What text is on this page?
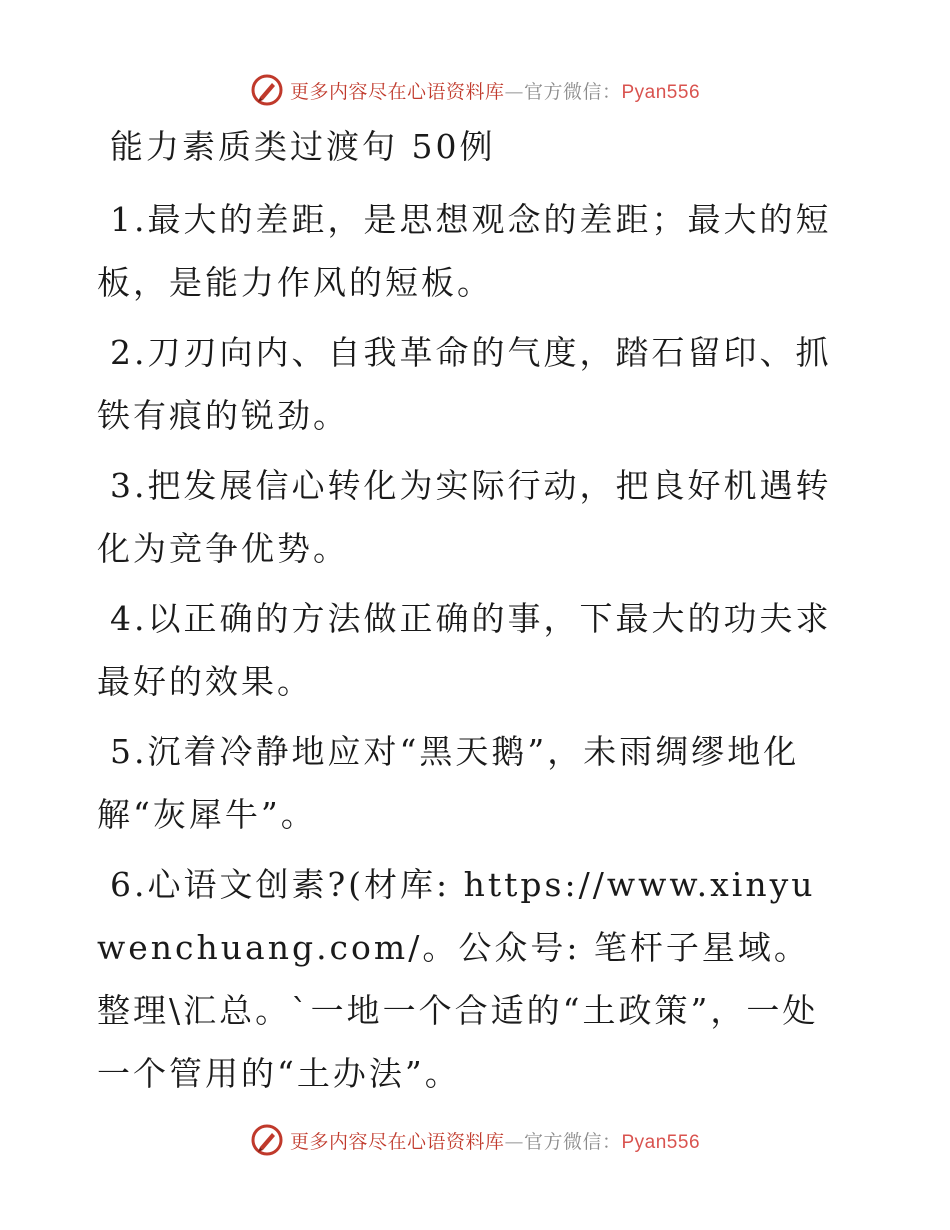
更多内容尽在心语资料库—官方微信：Pyan556
能力素质类过渡句 50例

1.最大的差距，是思想观念的差距；最大的短板，是能力作风的短板。

2.刀刃向内、自我革命的气度，踏石留印、抓铁有痕的锐劲。

3.把发展信心转化为实际行动，把良好机遇转化为竞争优势。

4.以正确的方法做正确的事，下最大的功夫求最好的效果。

5.沉着冷静地应对“黑天鹅”，未雨绸缪地化解“灰犀牛”。

6.心语文创素?(材库: https://www.xinyuwenchuang.com/。公众号: 笔杆子星域。整理\汇总。`一地一个合适的“土政策”，一处一个管用的“土办法”。

更多内容尽在心语资料库—官方微信：Pyan556
